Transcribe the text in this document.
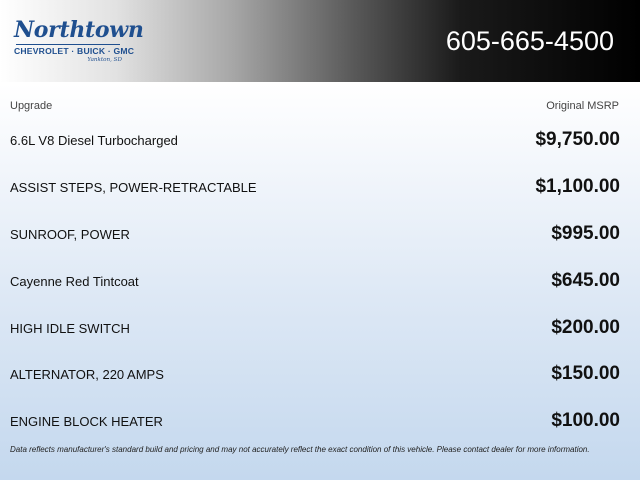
Northtown
CHEVROLET · BUICK · GMC
Yankton, SD
605-665-4500
Upgrade	Original MSRP
6.6L V8 Diesel Turbocharged	$9,750.00
ASSIST STEPS, POWER-RETRACTABLE	$1,100.00
SUNROOF, POWER	$995.00
Cayenne Red Tintcoat	$645.00
HIGH IDLE SWITCH	$200.00
ALTERNATOR, 220 AMPS	$150.00
ENGINE BLOCK HEATER	$100.00
Data reflects manufacturer's standard build and pricing and may not accurately reflect the exact condition of this vehicle. Please contact dealer for more information.
